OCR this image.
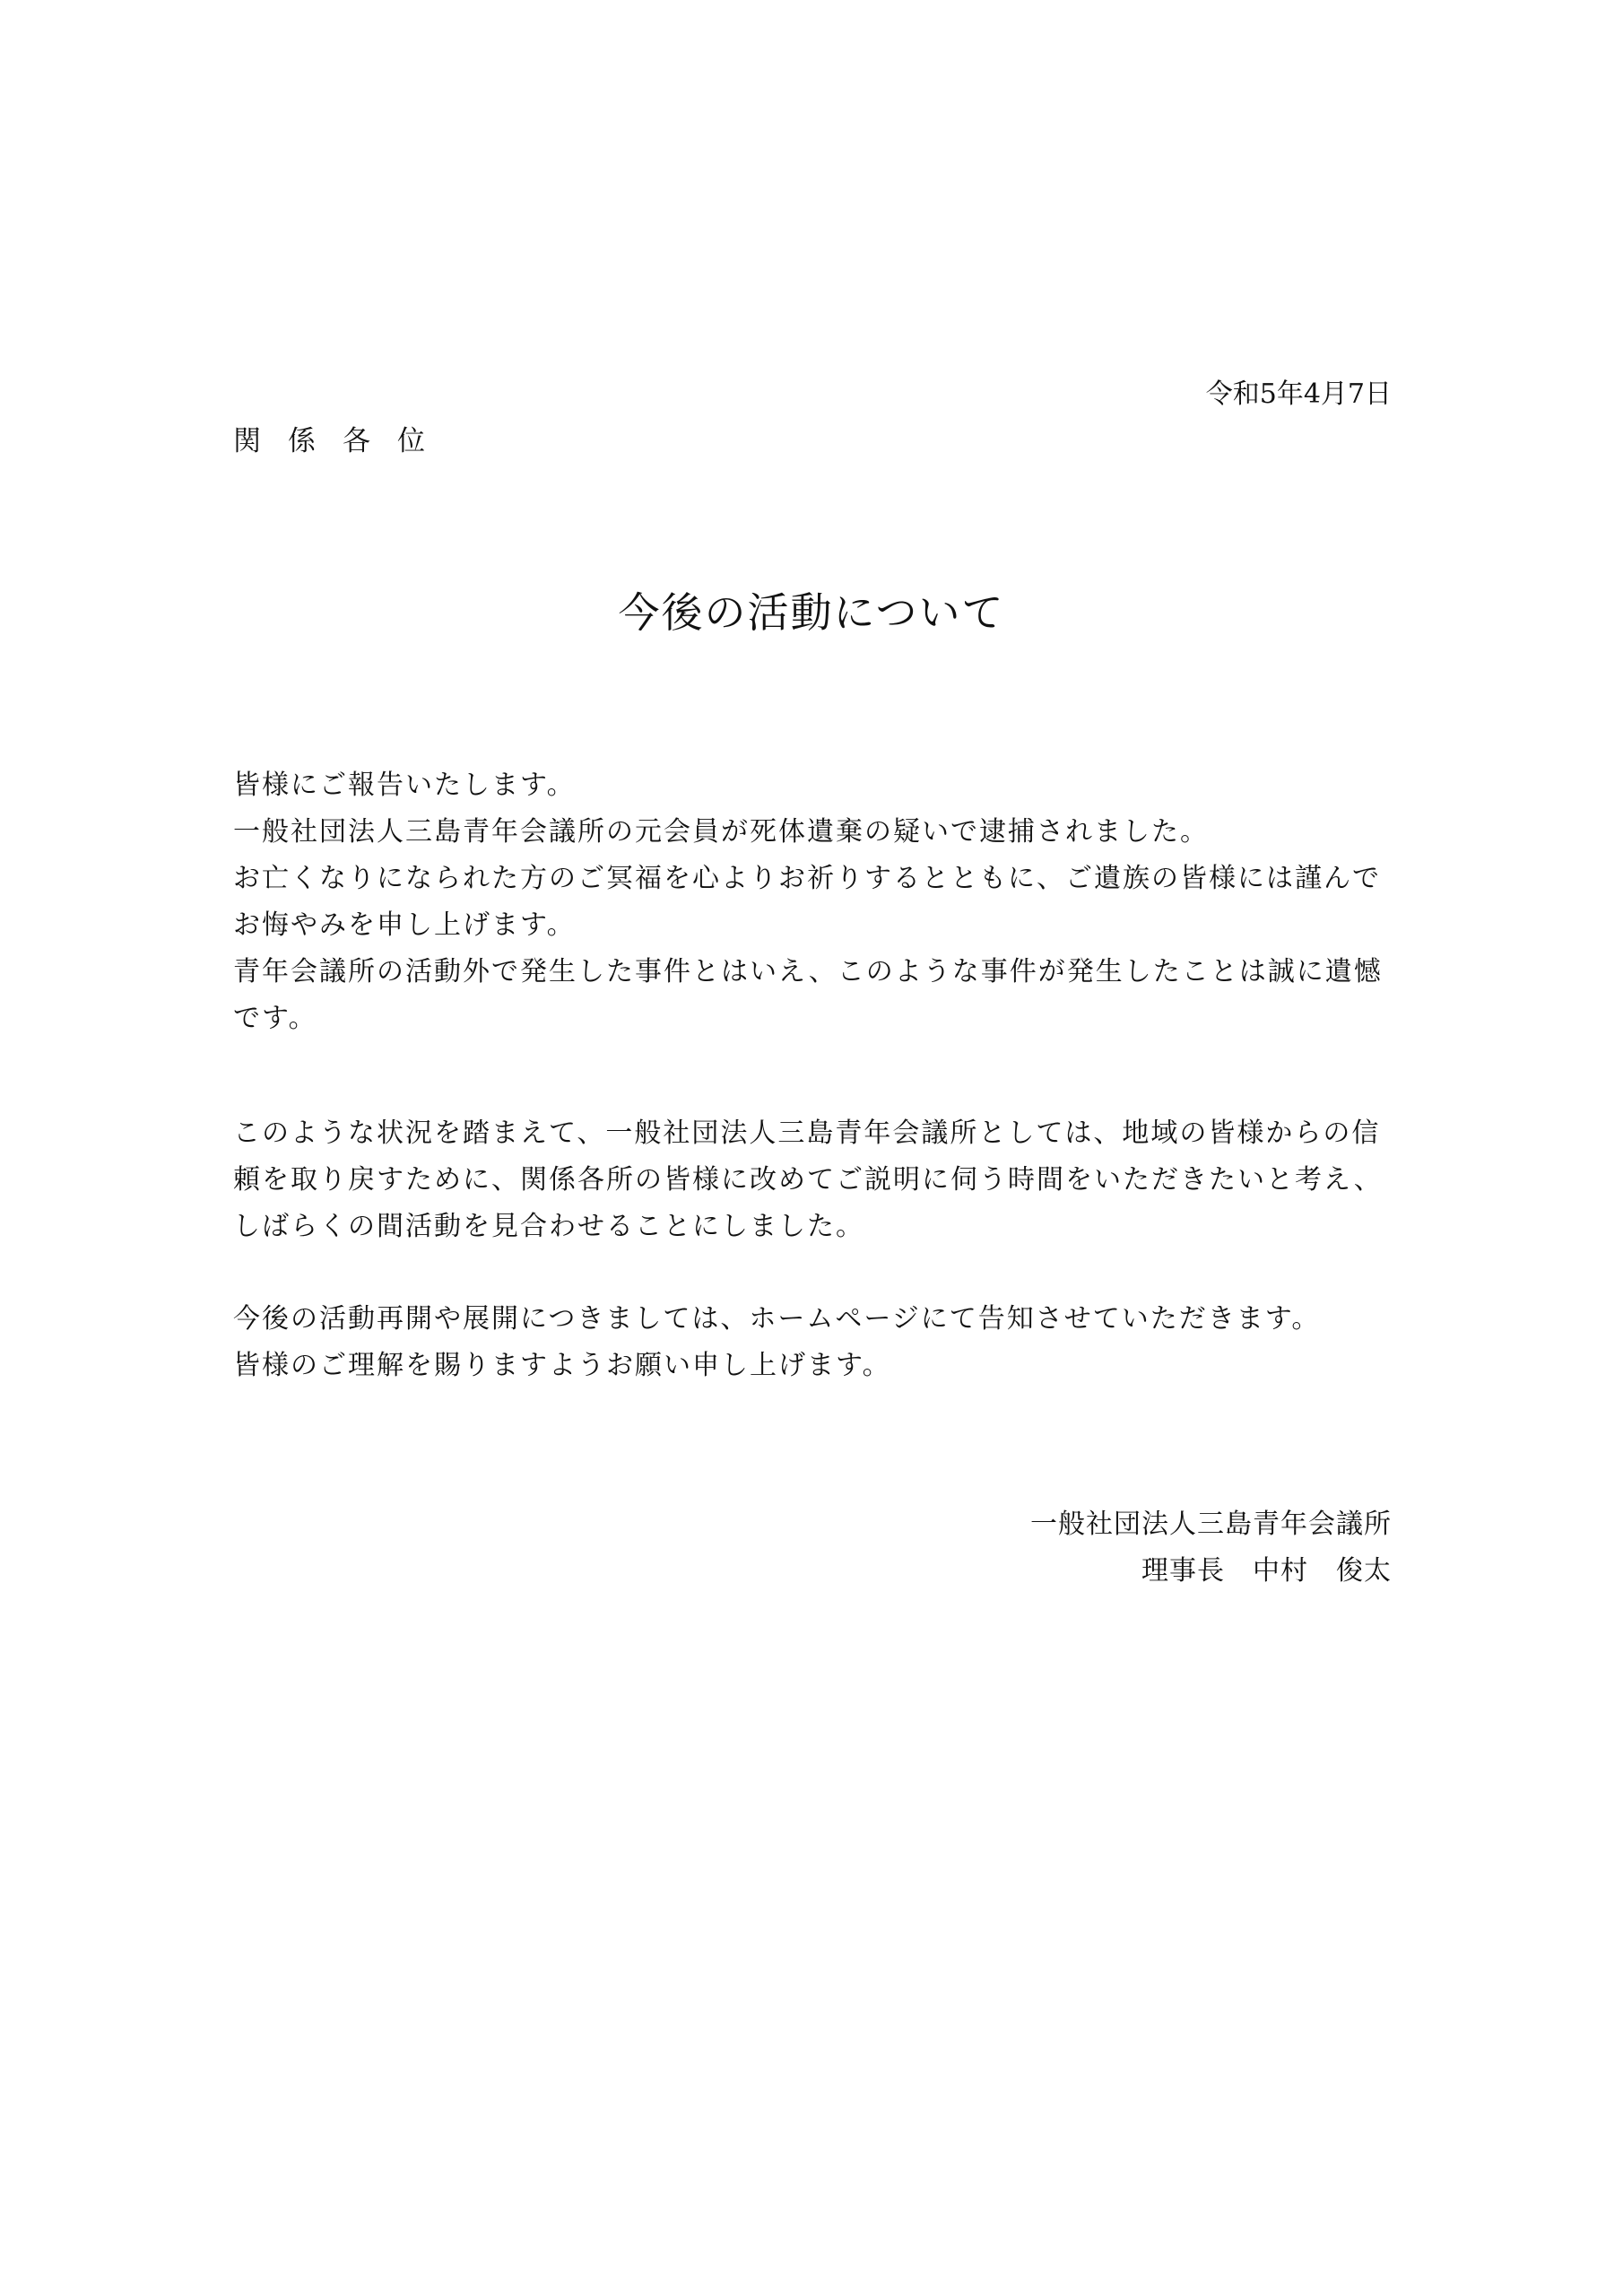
令和5年4月7日
関係各位
今後の活動について
皆様にご報告いたします。
一般社団法人三島青年会議所の元会員が死体遺棄の疑いで逮捕されました。
お亡くなりになられた方のご冥福を心よりお祈りするとともに、ご遺族の皆様には謹んで
お悔やみを申し上げます。
青年会議所の活動外で発生した事件とはいえ、このような事件が発生したことは誠に遺憾
です。
このような状況を踏まえて、一般社団法人三島青年会議所としては、地域の皆様からの信
頼を取り戻すために、関係各所の皆様に改めてご説明に伺う時間をいただきたいと考え、
しばらくの間活動を見合わせることにしました。
今後の活動再開や展開につきましては、ホームページにて告知させていただきます。
皆様のご理解を賜りますようお願い申し上げます。
一般社団法人三島青年会議所
理事長　中村　俊太
